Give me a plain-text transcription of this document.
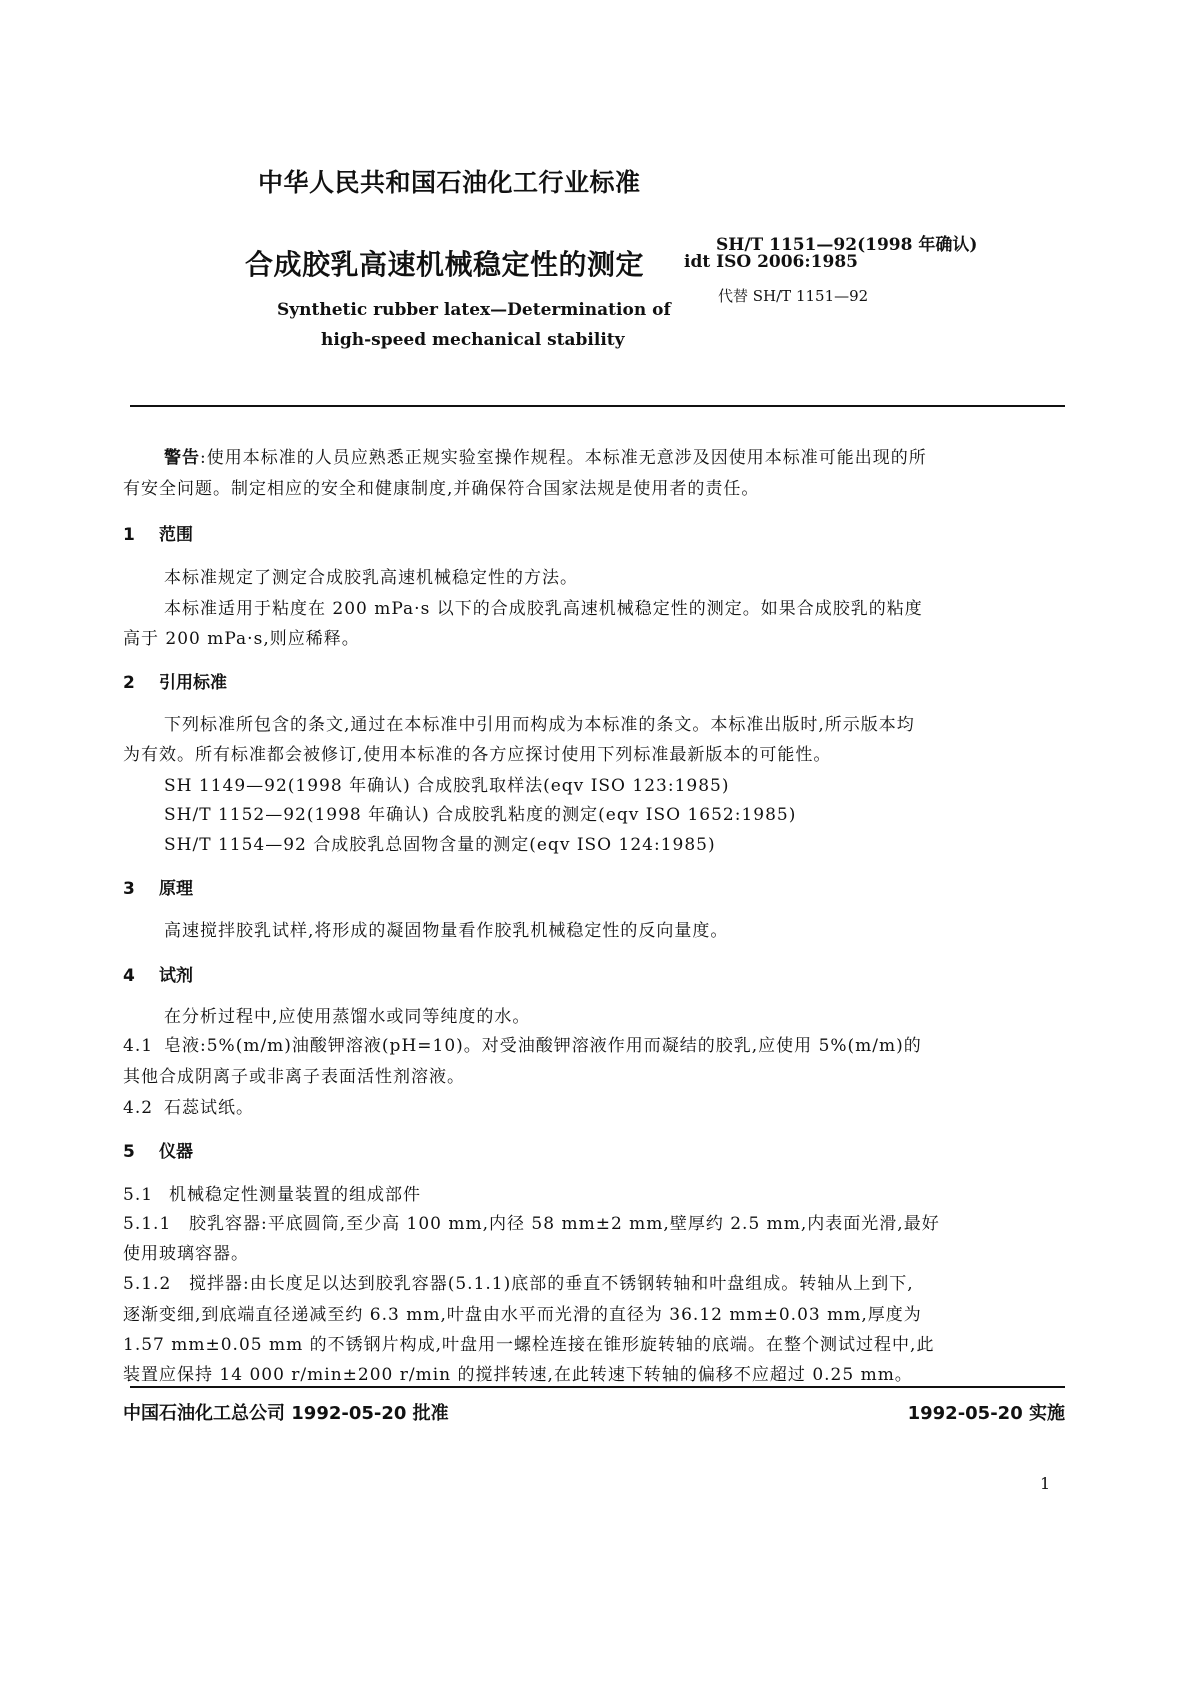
中华人民共和国石油化工行业标准
合成胶乳高速机械稳定性的测定
SH/T 1151—92(1998 年确认)
idt ISO 2006:1985
代替 SH/T 1151—92
Synthetic rubber latex—Determination of
high-speed mechanical stability
警告:使用本标准的人员应熟悉正规实验室操作规程。本标准无意涉及因使用本标准可能出现的所
有安全问题。制定相应的安全和健康制度,并确保符合国家法规是使用者的责任。
1 范围
本标准规定了测定合成胶乳高速机械稳定性的方法。
本标准适用于粘度在 200 mPa·s 以下的合成胶乳高速机械稳定性的测定。如果合成胶乳的粘度
高于 200 mPa·s,则应稀释。
2 引用标准
下列标准所包含的条文,通过在本标准中引用而构成为本标准的条文。本标准出版时,所示版本均
为有效。所有标准都会被修订,使用本标准的各方应探讨使用下列标准最新版本的可能性。
SH 1149—92(1998 年确认) 合成胶乳取样法(eqv ISO 123:1985)
SH/T 1152—92(1998 年确认) 合成胶乳粘度的测定(eqv ISO 1652:1985)
SH/T 1154—92 合成胶乳总固物含量的测定(eqv ISO 124:1985)
3 原理
高速搅拌胶乳试样,将形成的凝固物量看作胶乳机械稳定性的反向量度。
4 试剂
在分析过程中,应使用蒸馏水或同等纯度的水。
4.1 皂液:5%(m/m)油酸钾溶液(pH=10)。对受油酸钾溶液作用而凝结的胶乳,应使用 5%(m/m)的
其他合成阴离子或非离子表面活性剂溶液。
4.2 石蕊试纸。
5 仪器
5.1 机械稳定性测量装置的组成部件
5.1.1 胶乳容器:平底圆筒,至少高 100 mm,内径 58 mm±2 mm,壁厚约 2.5 mm,内表面光滑,最好
使用玻璃容器。
5.1.2 搅拌器:由长度足以达到胶乳容器(5.1.1)底部的垂直不锈钢转轴和叶盘组成。转轴从上到下,
逐渐变细,到底端直径递减至约 6.3 mm,叶盘由水平而光滑的直径为 36.12 mm±0.03 mm,厚度为
1.57 mm±0.05 mm 的不锈钢片构成,叶盘用一螺栓连接在锥形旋转轴的底端。在整个测试过程中,此
装置应保持 14 000 r/min±200 r/min 的搅拌转速,在此转速下转轴的偏移不应超过 0.25 mm。
中国石油化工总公司 1992-05-20 批准	1992-05-20 实施
1
